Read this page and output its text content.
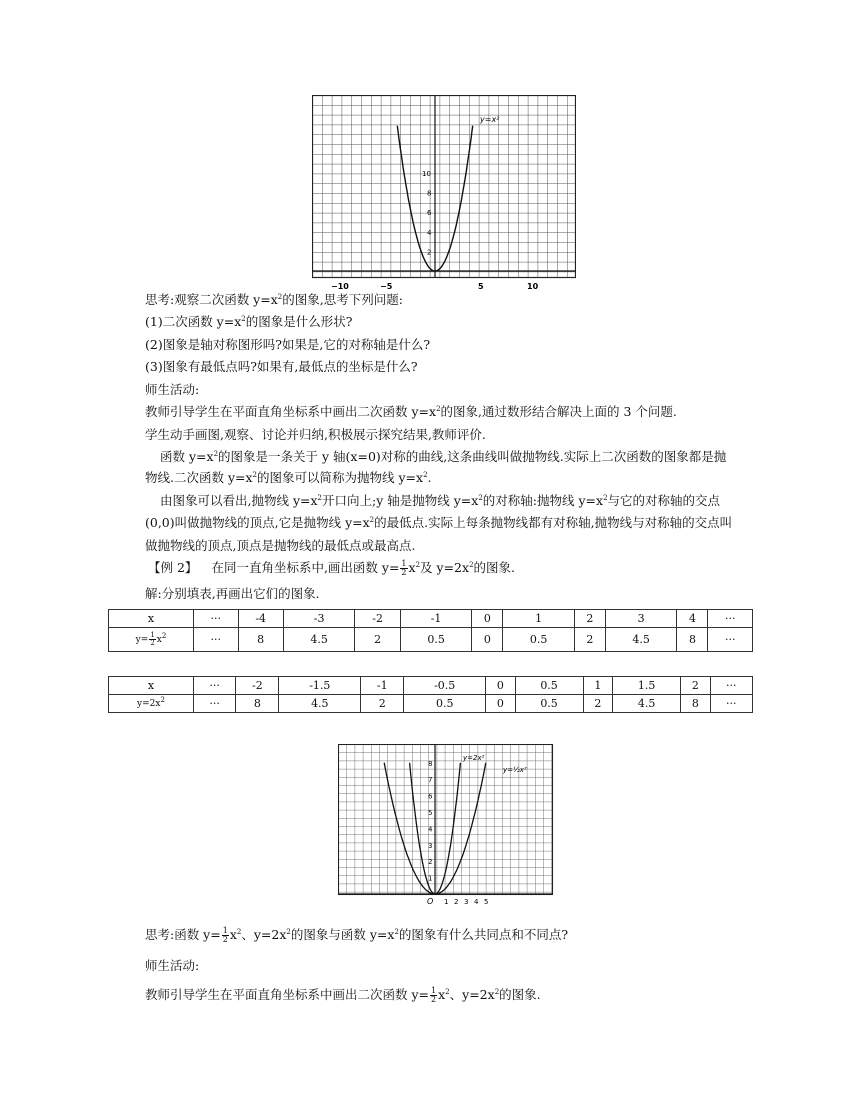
−10	−5	5	10
2
4
6
8
10
y=x²
思考:观察二次函数 $y=x^2$的图象,思考下列问题:
(1)二次函数 $y=x^2$的图象是什么形状?
(2)图象是轴对称图形吗?如果是,它的对称轴是什么?
(3)图象有最低点吗?如果有,最低点的坐标是什么?
师生活动:
教师引导学生在平面直角坐标系中画出二次函数 $y=x^2$的图象,通过数形结合解决上面的 3 个问题.
学生动手画图,观察、讨论并归纳,积极展示探究结果,教师评价.
函数 $y=x^2$的图象是一条关于 y 轴(x=0)对称的曲线,这条曲线叫做抛物线.实际上二次函数的图象都是抛
物线.二次函数 $y=x^2$的图象可以简称为抛物线 $y=x^2$.
由图象可以看出,抛物线 $y=x^2$开口向上;y 轴是抛物线 $y=x^2$的对称轴:抛物线 $y=x^2$与它的对称轴的交点
(0,0)叫做抛物线的顶点,它是抛物线 $y=x^2$的最低点.实际上每条抛物线都有对称轴,抛物线与对称轴的交点叫
做抛物线的顶点,顶点是抛物线的最低点或最高点.
【例 2】 在同一直角坐标系中,画出函数 $y= \frac{1}{2} x^2$及 $y=2x^2$的图象.
解:分别填表,再画出它们的图象.
x	···	-4	-3	-2	-1	0	1	2	3	4	···
$y= \frac{1}{2} x^2$	···	8	4.5	2	0.5	0	0.5	2	4.5	8	···
x	···	-2	-1.5	-1	-0.5	0	0.5	1	1.5	2	···
$y=2x^2$	···	8	4.5	2	0.5	0	0.5	2	4.5	8	···
1 2 3 4 5
1
2
3
4
5
6
7
8
O
y=2x²
y=½x²
思考:函数 $y= \frac{1}{2} x^2$、$y=2x^2$的图象与函数 $y=x^2$的图象有什么共同点和不同点?
师生活动:
教师引导学生在平面直角坐标系中画出二次函数 $y= \frac{1}{2} x^2$、$y=2x^2$的图象.
